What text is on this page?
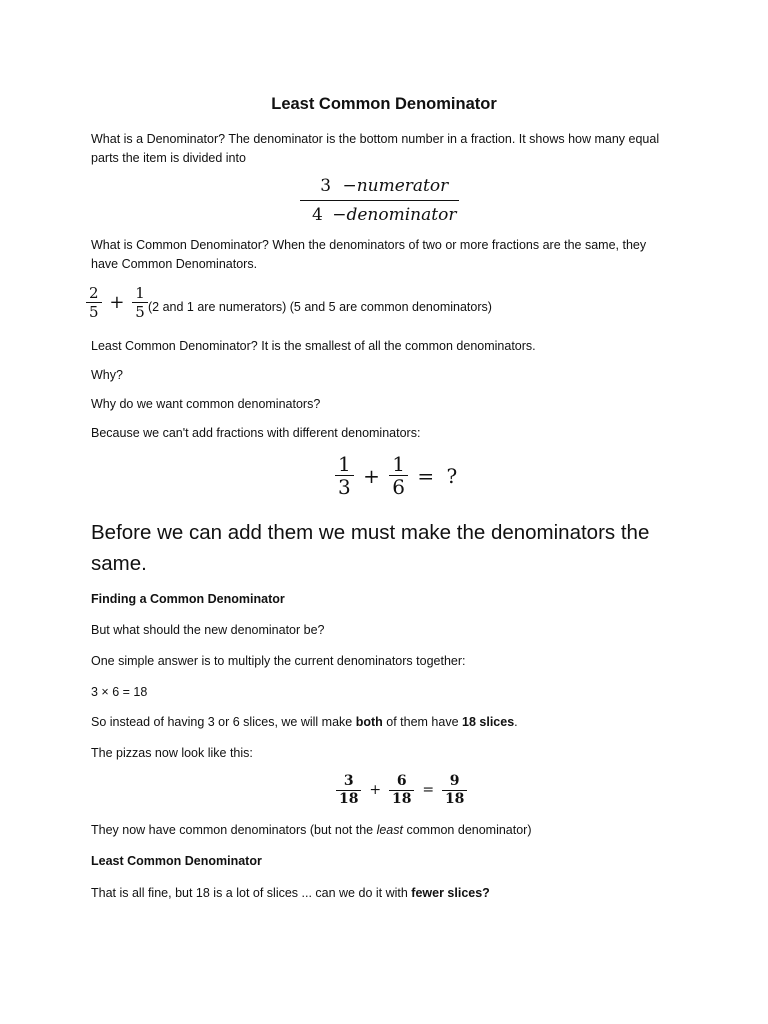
Least Common Denominator

What is a Denominator? The denominator is the bottom number in a fraction. It shows how many equal
parts the item is divided into

$\frac{\text{3 −numerator}}{\text{4 −denominator}}$

What is Common Denominator? When the denominators of two or more fractions are the same, they
have Common Denominators.

$\frac{2}{5} + \frac{1}{5} (2$ and 1 are numerators) (5 and 5 are common denominators)

Least Common Denominator? It is the smallest of all the common denominators.

Why?

Why do we want common denominators?

Because we can't add fractions with different denominators:

$\frac{1}{3} + \frac{1}{6}$ = ?
Before we can add them we must make the denominators the
same.

Finding a Common Denominator

But what should the new denominator be?

One simple answer is to multiply the current denominators together:

3 × 6 = 18

So instead of having 3 or 6 slices, we will make both of them have 18 slices.

The pizzas now look like this:

$\frac{3}{18} + \frac{6}{18} = \frac{9}{18}$

They now have common denominators (but not the least common denominator)

Least Common Denominator

That is all fine, but 18 is a lot of slices ... can we do it with fewer slices?
